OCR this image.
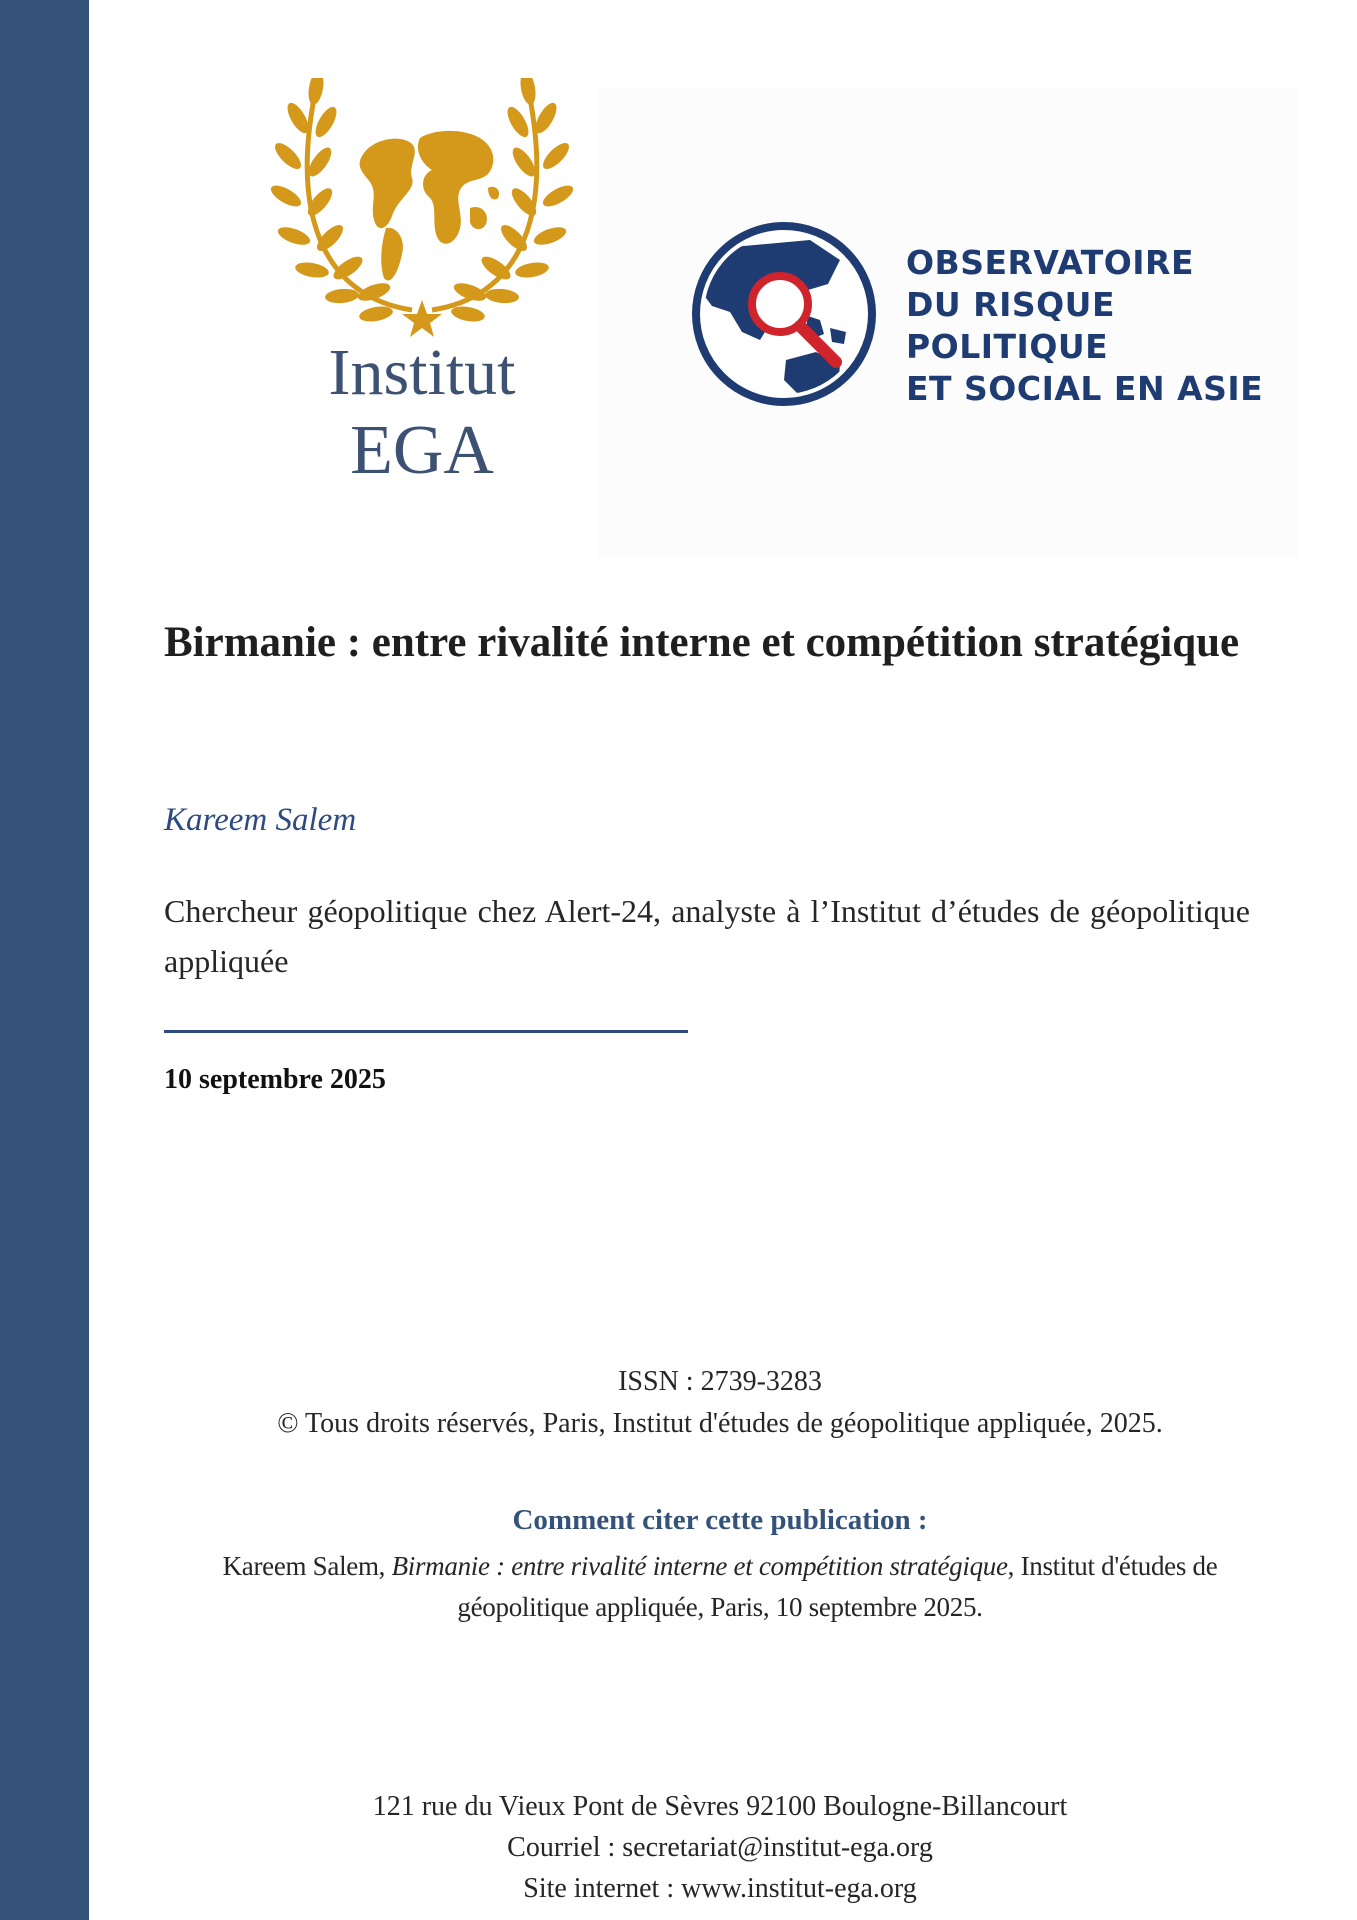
Institut
EGA
OBSERVATOIRE
DU RISQUE
POLITIQUE
ET SOCIAL EN ASIE
Birmanie : entre rivalité interne et compétition stratégique
Kareem Salem
Chercheur géopolitique chez Alert-24, analyste à l’Institut d’études de géopolitique appliquée
10 septembre 2025
ISSN : 2739-3283
© Tous droits réservés, Paris, Institut d'études de géopolitique appliquée, 2025.
Comment citer cette publication :
Kareem Salem, Birmanie : entre rivalité interne et compétition stratégique, Institut d'études de géopolitique appliquée, Paris, 10 septembre 2025.
121 rue du Vieux Pont de Sèvres 92100 Boulogne-Billancourt
Courriel : secretariat@institut-ega.org
Site internet : www.institut-ega.org
